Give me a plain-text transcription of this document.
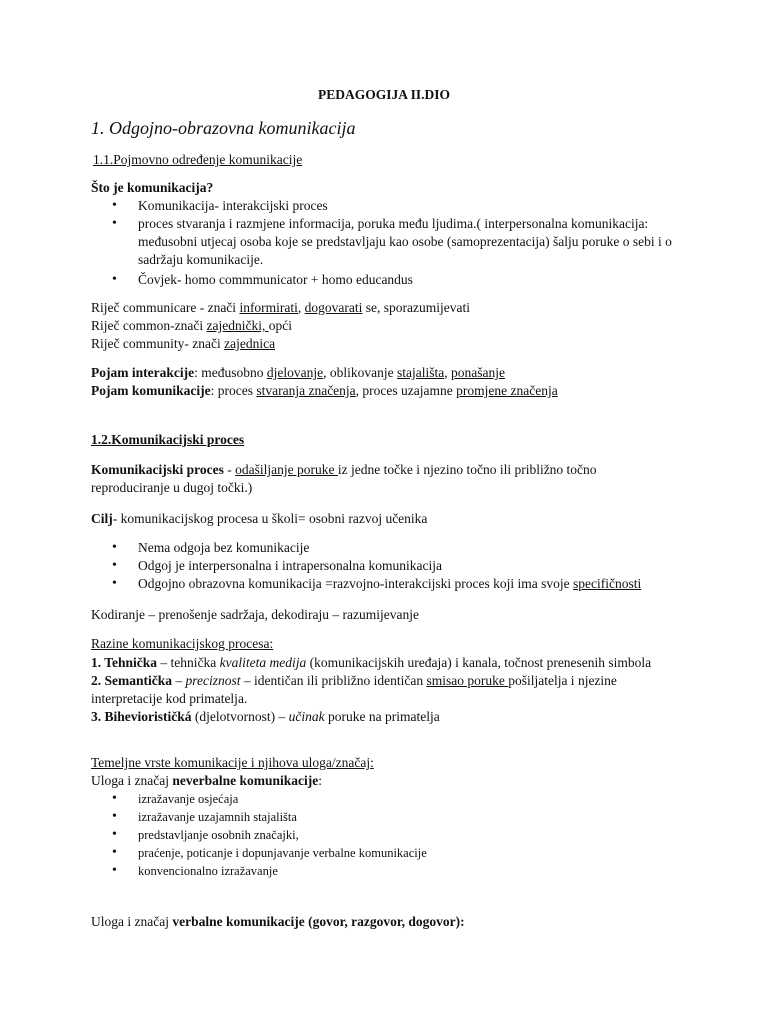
PEDAGOGIJA II.DIO
1. Odgojno-obrazovna komunikacija
1.1.Pojmovno određenje komunikacije
Što je komunikacija?
• Komunikacija- interakcijski proces
• proces stvaranja i razmjene informacija, poruka među ljudima.( interpersonalna komunikacija: međusobni utjecaj osoba koje se predstavljaju kao osobe (samoprezentacija) šalju poruke o sebi i o sadržaju komunikacije.
• Čovjek- homo commmunicator + homo educandus
Riječ communicare - znači informirati, dogovarati se, sporazumijevati
Riječ common-znači zajednički, opći
Riječ community- znači zajednica
Pojam interakcije: međusobno djelovanje, oblikovanje stajališta, ponašanje
Pojam komunikacije: proces stvaranja značenja, proces uzajamne promjene značenja
1.2.Komunikacijski proces
Komunikacijski proces - odašiljanje poruke iz jedne točke i njezino točno ili približno točno reproduciranje u dugoj točki.)
Cilj- komunikacijskog procesa u školi= osobni razvoj učenika
• Nema odgoja bez komunikacije
• Odgoj je interpersonalna i intrapersonalna komunikacija
• Odgojno obrazovna komunikacija =razvojno-interakcijski proces koji ima svoje specifičnosti
Kodiranje – prenošenje sadržaja, dekodiraju – razumijevanje
Razine komunikacijskog procesa:
1. Tehnička – tehnička kvaliteta medija (komunikacijskih uređaja) i kanala, točnost prenesenih simbola
2. Semantička – preciznost – identičan ili približno identičan smisao poruke pošiljatelja i njezine interpretacije kod primatelja.
3. Biheviorističká (djelotvornost) – učinak poruke na primatelja
Temeljne vrste komunikacije i njihova uloga/značaj:
Uloga i značaj neverbalne komunikacije:
• izražavanje osjećaja
• izražavanje uzajamnih stajališta
• predstavljanje osobnih značajki,
• praćenje, poticanje i dopunjavanje verbalne komunikacije
• konvencionalno izražavanje
Uloga i značaj verbalne komunikacije (govor, razgovor, dogovor):
